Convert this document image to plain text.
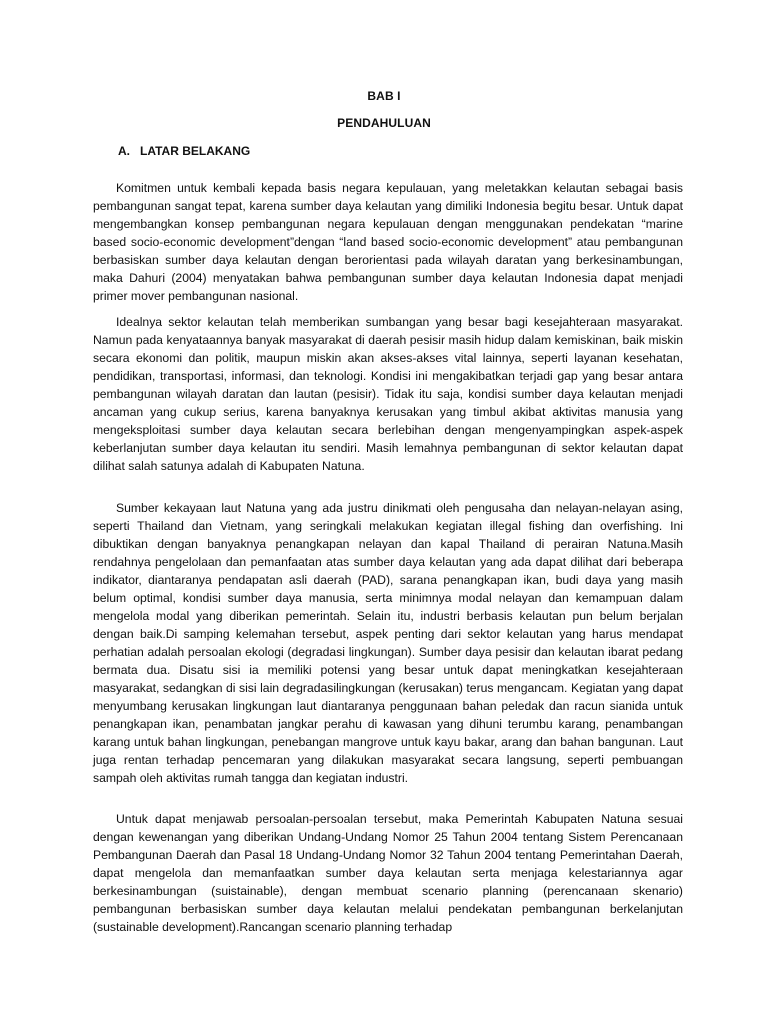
BAB I
PENDAHULUAN
A. LATAR BELAKANG

Komitmen untuk kembali kepada basis negara kepulauan, yang meletakkan kelautan sebagai basis pembangunan sangat tepat, karena sumber daya kelautan yang dimiliki Indonesia begitu besar. Untuk dapat mengembangkan konsep pembangunan negara kepulauan dengan menggunakan pendekatan “marine based socio-economic development”dengan “land based socio-economic development” atau pembangunan berbasiskan sumber daya kelautan dengan berorientasi pada wilayah daratan yang berkesinambungan, maka Dahuri (2004) menyatakan bahwa pembangunan sumber daya kelautan Indonesia dapat menjadi primer mover pembangunan nasional.

Idealnya sektor kelautan telah memberikan sumbangan yang besar bagi kesejahteraan masyarakat. Namun pada kenyataannya banyak masyarakat di daerah pesisir masih hidup dalam kemiskinan, baik miskin secara ekonomi dan politik, maupun miskin akan akses-akses vital lainnya, seperti layanan kesehatan, pendidikan, transportasi, informasi, dan teknologi. Kondisi ini mengakibatkan terjadi gap yang besar antara pembangunan wilayah daratan dan lautan (pesisir). Tidak itu saja, kondisi sumber daya kelautan menjadi ancaman yang cukup serius, karena banyaknya kerusakan yang timbul akibat aktivitas manusia yang mengeksploitasi sumber daya kelautan secara berlebihan dengan mengenyampingkan aspek-aspek keberlanjutan sumber daya kelautan itu sendiri. Masih lemahnya pembangunan di sektor kelautan dapat dilihat salah satunya adalah di Kabupaten Natuna.

Sumber kekayaan laut Natuna yang ada justru dinikmati oleh pengusaha dan nelayan-nelayan asing, seperti Thailand dan Vietnam, yang seringkali melakukan kegiatan illegal fishing dan overfishing. Ini dibuktikan dengan banyaknya penangkapan nelayan dan kapal Thailand di perairan Natuna.Masih rendahnya pengelolaan dan pemanfaatan atas sumber daya kelautan yang ada dapat dilihat dari beberapa indikator, diantaranya pendapatan asli daerah (PAD), sarana penangkapan ikan, budi daya yang masih belum optimal, kondisi sumber daya manusia, serta minimnya modal nelayan dan kemampuan dalam mengelola modal yang diberikan pemerintah. Selain itu, industri berbasis kelautan pun belum berjalan dengan baik.Di samping kelemahan tersebut, aspek penting dari sektor kelautan yang harus mendapat perhatian adalah persoalan ekologi (degradasi lingkungan). Sumber daya pesisir dan kelautan ibarat pedang bermata dua. Disatu sisi ia memiliki potensi yang besar untuk dapat meningkatkan kesejahteraan masyarakat, sedangkan di sisi lain degradasilingkungan (kerusakan) terus mengancam. Kegiatan yang dapat menyumbang kerusakan lingkungan laut diantaranya penggunaan bahan peledak dan racun sianida untuk penangkapan ikan, penambatan jangkar perahu di kawasan yang dihuni terumbu karang, penambangan karang untuk bahan lingkungan, penebangan mangrove untuk kayu bakar, arang dan bahan bangunan. Laut juga rentan terhadap pencemaran yang dilakukan masyarakat secara langsung, seperti pembuangan sampah oleh aktivitas rumah tangga dan kegiatan industri.

Untuk dapat menjawab persoalan-persoalan tersebut, maka Pemerintah Kabupaten Natuna sesuai dengan kewenangan yang diberikan Undang-Undang Nomor 25 Tahun 2004 tentang Sistem Perencanaan Pembangunan Daerah dan Pasal 18 Undang-Undang Nomor 32 Tahun 2004 tentang Pemerintahan Daerah, dapat mengelola dan memanfaatkan sumber daya kelautan serta menjaga kelestariannya agar berkesinambungan (suistainable), dengan membuat scenario planning (perencanaan skenario) pembangunan berbasiskan sumber daya kelautan melalui pendekatan pembangunan berkelanjutan (sustainable development).Rancangan scenario planning terhadap
